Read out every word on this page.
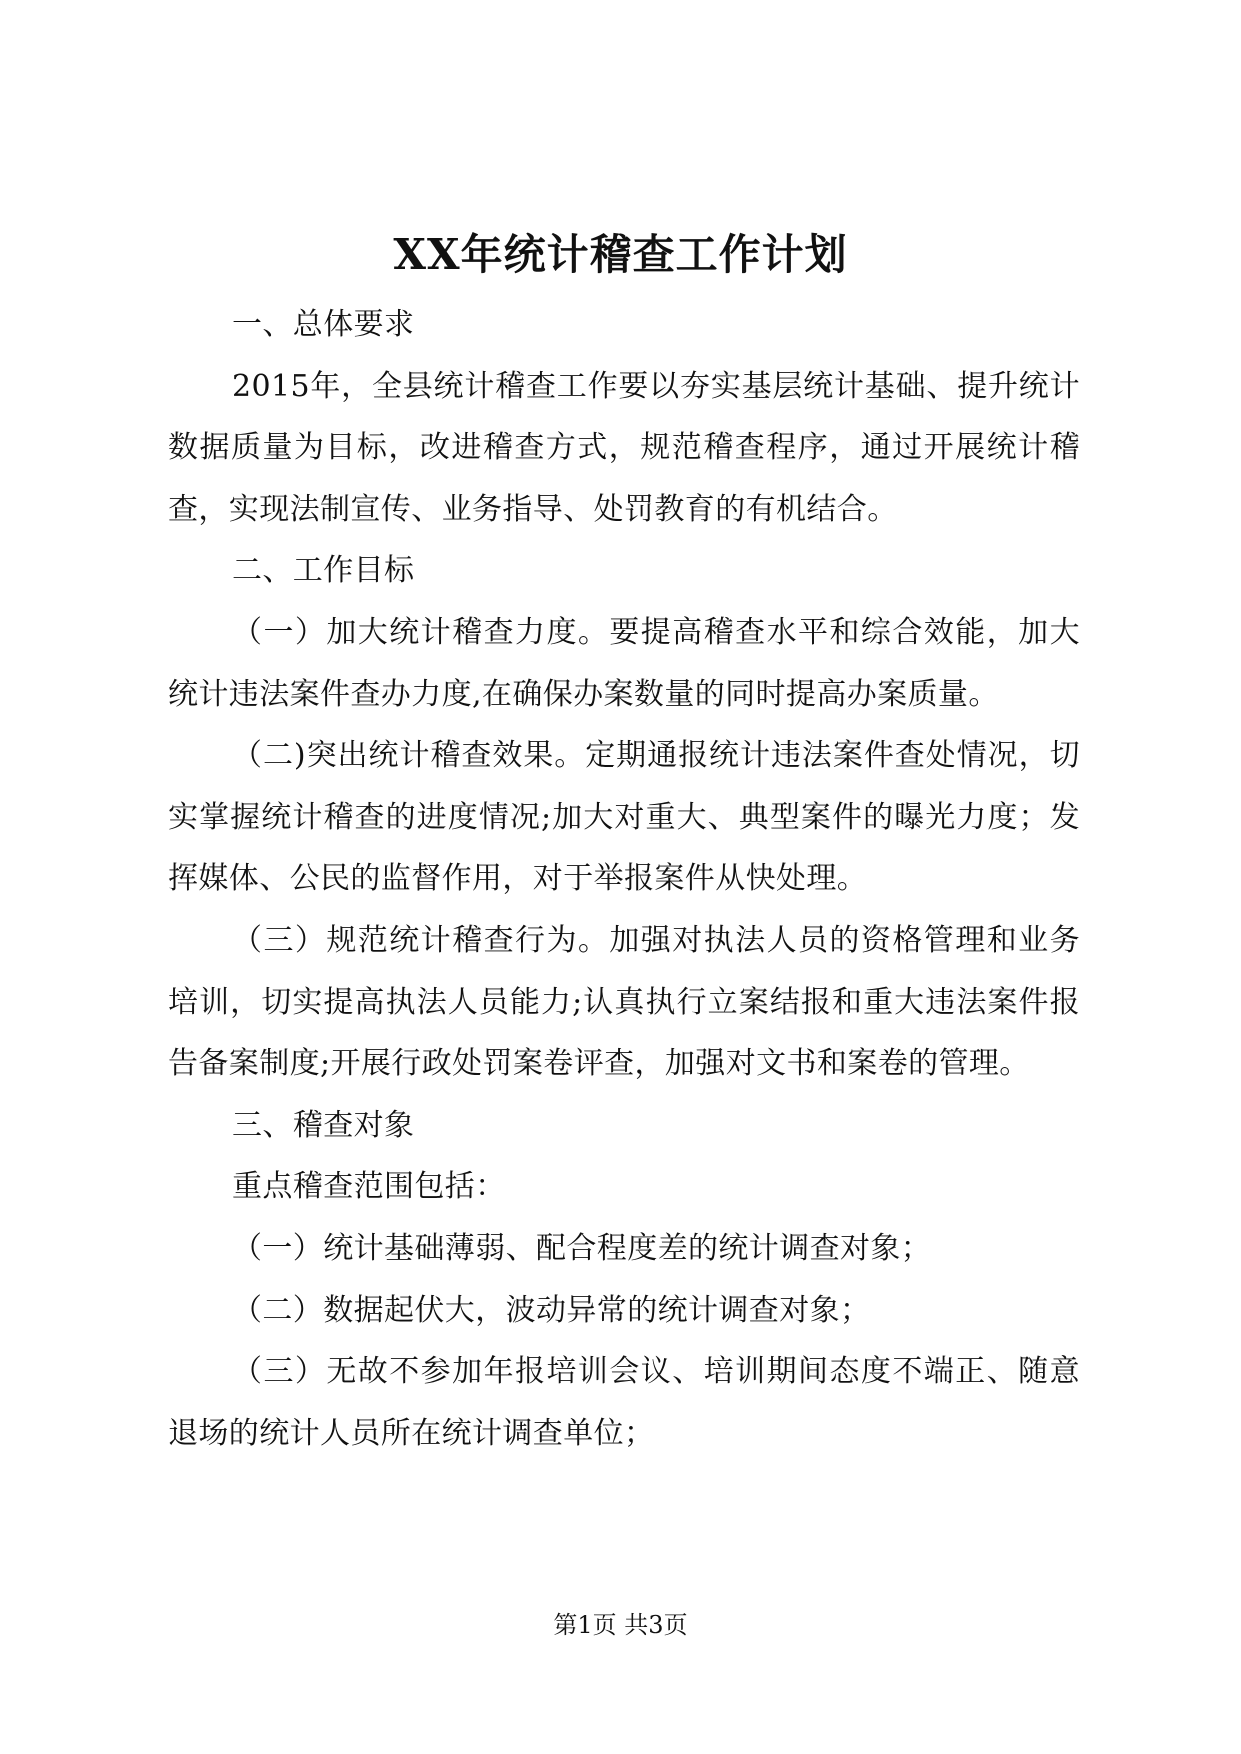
XX年统计稽查工作计划

一、总体要求

2015年，全县统计稽查工作要以夯实基层统计基础、提升统计数据质量为目标，改进稽查方式，规范稽查程序，通过开展统计稽查，实现法制宣传、业务指导、处罚教育的有机结合。

二、工作目标

（一）加大统计稽查力度。要提高稽查水平和综合效能，加大统计违法案件查办力度,在确保办案数量的同时提高办案质量。

（二)突出统计稽查效果。定期通报统计违法案件查处情况，切实掌握统计稽查的进度情况;加大对重大、典型案件的曝光力度；发挥媒体、公民的监督作用，对于举报案件从快处理。

（三）规范统计稽查行为。加强对执法人员的资格管理和业务培训，切实提高执法人员能力;认真执行立案结报和重大违法案件报告备案制度;开展行政处罚案卷评查，加强对文书和案卷的管理。

三、稽查对象

重点稽查范围包括：

（一）统计基础薄弱、配合程度差的统计调查对象；

（二）数据起伏大，波动异常的统计调查对象；

（三）无故不参加年报培训会议、培训期间态度不端正、随意退场的统计人员所在统计调查单位；

第1页 共3页
